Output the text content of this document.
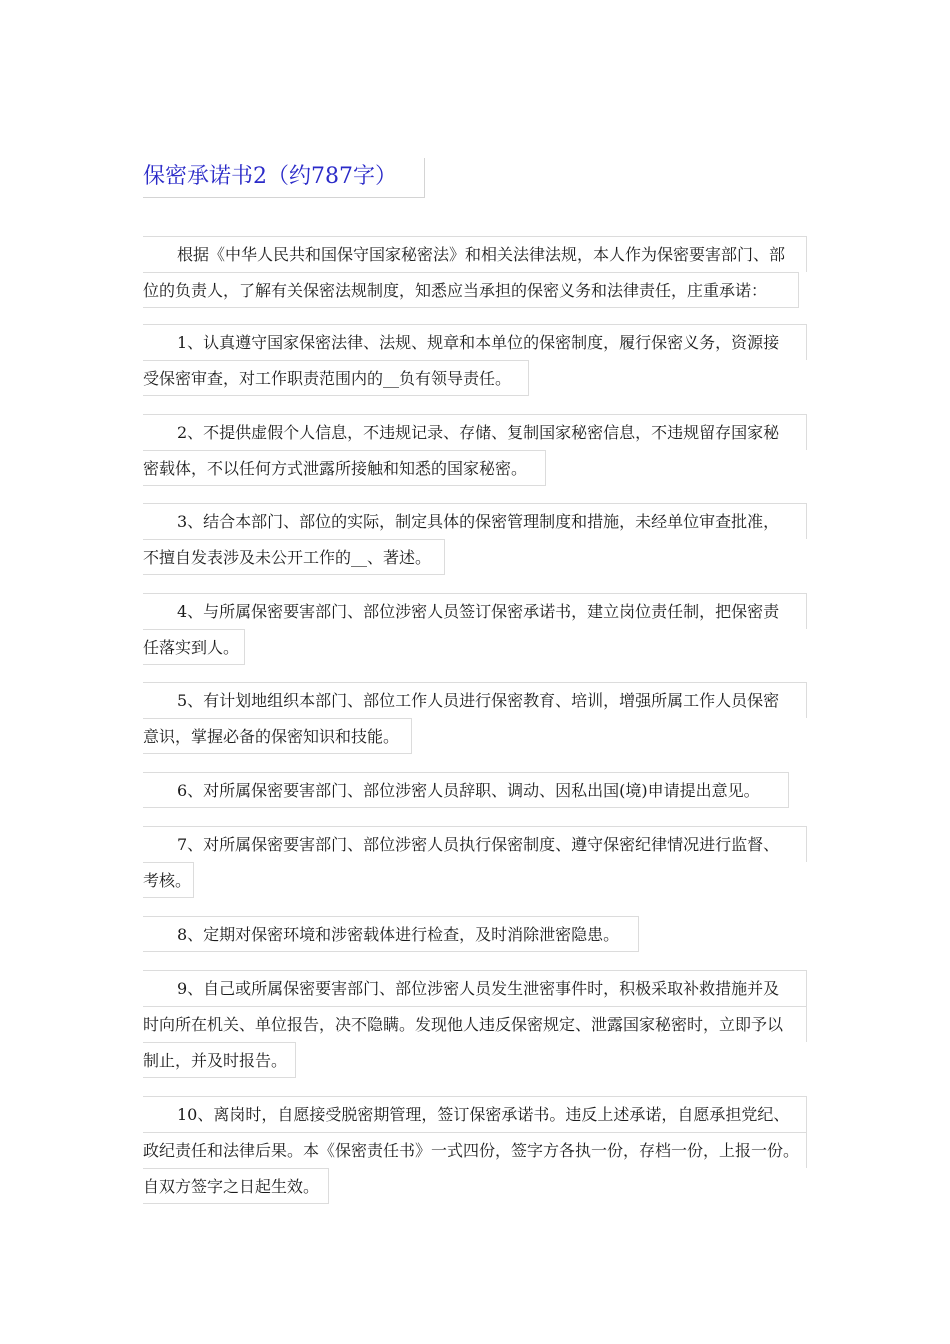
保密承诺书2（约787字）
根据《中华人民共和国保守国家秘密法》和相关法律法规，本人作为保密要害部门、部
位的负责人，了解有关保密法规制度，知悉应当承担的保密义务和法律责任，庄重承诺：
1、认真遵守国家保密法律、法规、规章和本单位的保密制度，履行保密义务，资源接
受保密审查，对工作职责范围内的__负有领导责任。
2、不提供虚假个人信息，不违规记录、存储、复制国家秘密信息，不违规留存国家秘
密载体，不以任何方式泄露所接触和知悉的国家秘密。
3、结合本部门、部位的实际，制定具体的保密管理制度和措施，未经单位审查批准，
不擅自发表涉及未公开工作的__、著述。
4、与所属保密要害部门、部位涉密人员签订保密承诺书，建立岗位责任制，把保密责
任落实到人。
5、有计划地组织本部门、部位工作人员进行保密教育、培训，增强所属工作人员保密
意识，掌握必备的保密知识和技能。
6、对所属保密要害部门、部位涉密人员辞职、调动、因私出国(境)申请提出意见。
7、对所属保密要害部门、部位涉密人员执行保密制度、遵守保密纪律情况进行监督、
考核。
8、定期对保密环境和涉密载体进行检查，及时消除泄密隐患。
9、自己或所属保密要害部门、部位涉密人员发生泄密事件时，积极采取补救措施并及
时向所在机关、单位报告，决不隐瞒。发现他人违反保密规定、泄露国家秘密时，立即予以
制止，并及时报告。
10、离岗时，自愿接受脱密期管理，签订保密承诺书。违反上述承诺，自愿承担党纪、
政纪责任和法律后果。本《保密责任书》一式四份，签字方各执一份，存档一份，上报一份。
自双方签字之日起生效。
